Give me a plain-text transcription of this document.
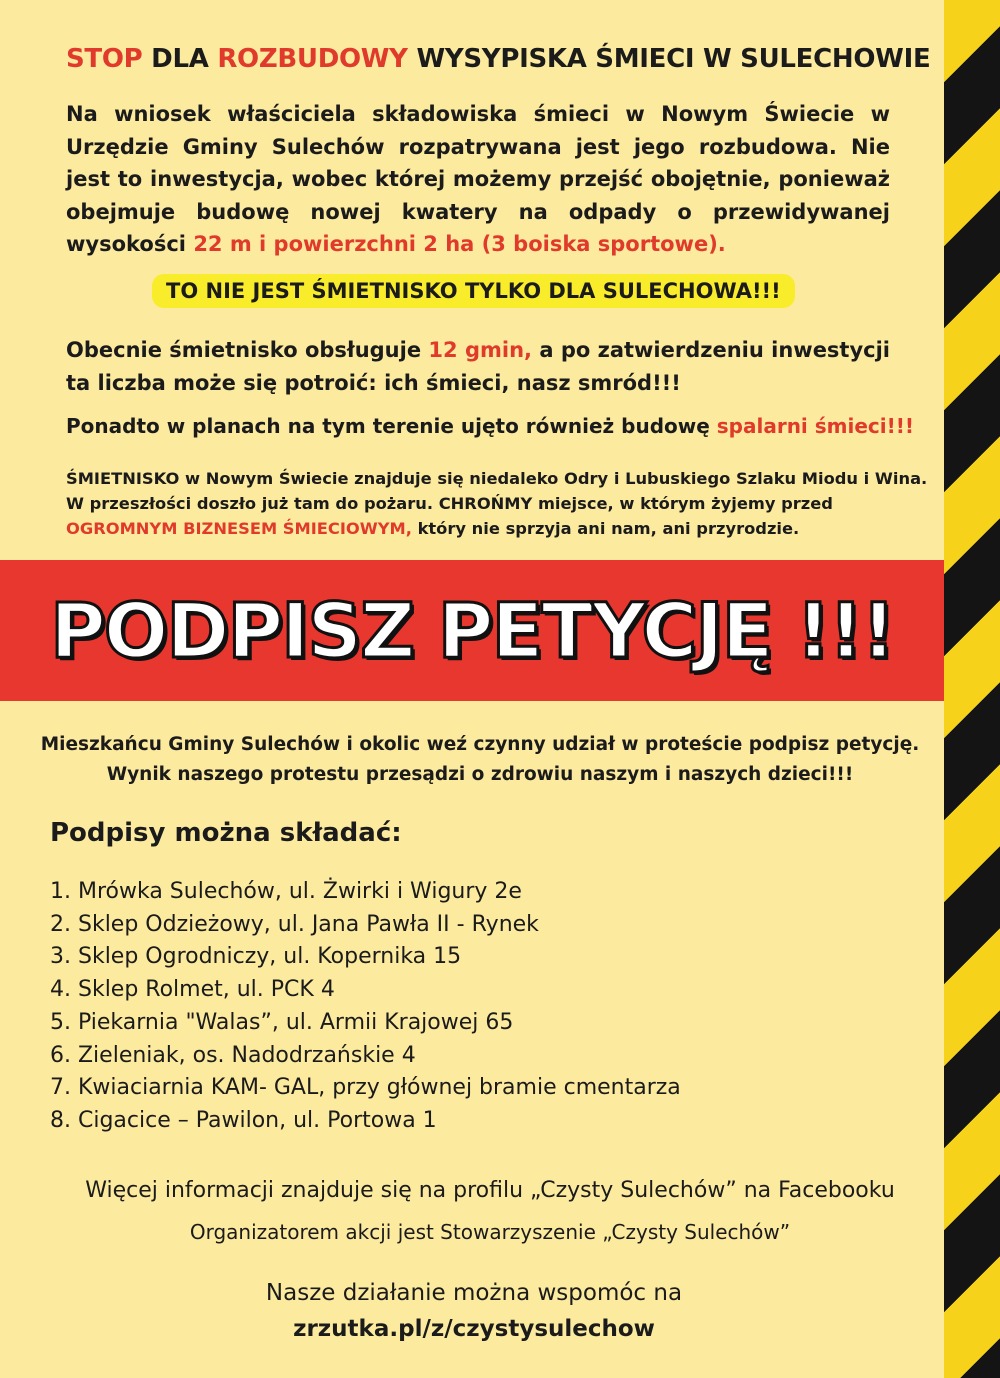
STOP DLA ROZBUDOWY WYSYPISKA ŚMIECI W SULECHOWIE
Na wniosek właściciela składowiska śmieci w Nowym Świecie w Urzędzie Gminy Sulechów rozpatrywana jest jego rozbudowa. Nie jest to inwestycja, wobec której możemy przejść obojętnie, ponieważ obejmuje budowę nowej kwatery na odpady o przewidywanej wysokości 22 m i powierzchni 2 ha (3 boiska sportowe).
TO NIE JEST ŚMIETNISKO TYLKO DLA SULECHOWA!!!
Obecnie śmietnisko obsługuje 12 gmin, a po zatwierdzeniu inwestycji ta liczba może się potroić: ich śmieci, nasz smród!!!
Ponadto w planach na tym terenie ujęto również budowę spalarni śmieci!!!
ŚMIETNISKO w Nowym Świecie znajduje się niedaleko Odry i Lubuskiego Szlaku Miodu i Wina. W przeszłości doszło już tam do pożaru. CHROŃMY miejsce, w którym żyjemy przed OGROMNYM BIZNESEM ŚMIECIOWYM, który nie sprzyja ani nam, ani przyrodzie.
PODPISZ PETYCJĘ !!!
Mieszkańcu Gminy Sulechów i okolic weź czynny udział w proteście podpisz petycję. Wynik naszego protestu przesądzi o zdrowiu naszym i naszych dzieci!!!
Podpisy można składać:
1. Mrówka Sulechów, ul. Żwirki i Wigury 2e
2. Sklep Odzieżowy, ul. Jana Pawła II - Rynek
3. Sklep Ogrodniczy, ul. Kopernika 15
4. Sklep Rolmet, ul. PCK 4
5. Piekarnia "Walas”, ul. Armii Krajowej 65
6. Zieleniak, os. Nadodrzańskie 4
7. Kwiaciarnia KAM- GAL, przy głównej bramie cmentarza
8. Cigacice – Pawilon, ul. Portowa 1
Więcej informacji znajduje się na profilu „Czysty Sulechów” na Facebooku
Organizatorem akcji jest Stowarzyszenie „Czysty Sulechów”
Nasze działanie można wspomóc na
zrzutka.pl/z/czystysulechow
